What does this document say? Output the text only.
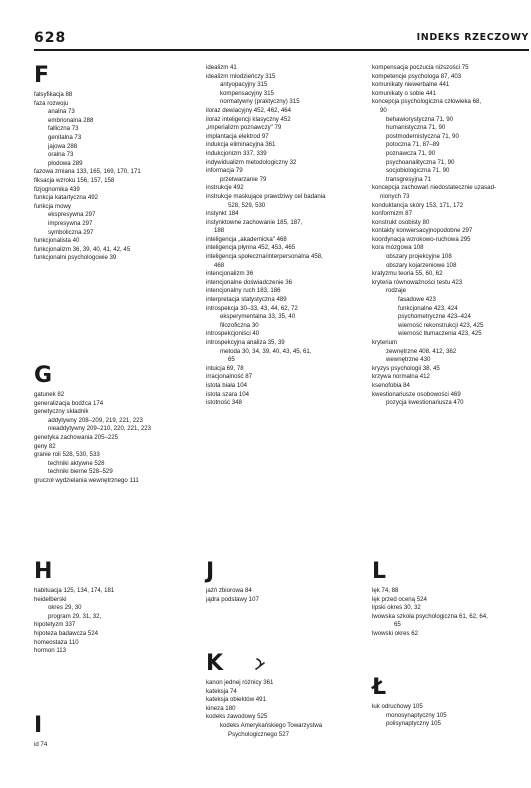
628	INDEKS RZECZOWY
F
falsyfikacja 88
faza rozwoju
analna 73
embrionalna 288
falliczna 73
genitalna 73
jajowa 288
oralna 73
płodowa 289
fazowa zmiana 133, 165, 169, 170, 171
fiksacja wzroku 156, 157, 158
fizjognomika 439
funkcja katartyczna 492
funkcja mowy
ekspresywna 297
impresywna 297
symboliczna 297
funkcjonalista 40
funkcjonalizm 36, 39, 40, 41, 42, 45
funkcjonalni psychologowie 39
G
gatunek 82
generalizacja bodźca 174
genetyczny składnik
addytywny 208–209, 219, 221, 223
nieaddytywny 209–210, 220, 221, 223
genetyka zachowania 205–225
geny 82
granie roli 528, 530, 533
techniki aktywne 528
techniki bierne 528–529
gruczoł wydzielania wewnętrznego 111
H
habituacja 125, 134, 174, 181
heidelberski
okres 29, 30
program 29, 31, 32,
hipotetyzm 337
hipoteza badawcza 524
homeostaza 110
hormon 113
I
id 74
idealizm 41
idealizm młodzieńczy 315
antyopacyjny 315
kompensacyjny 315
normatywny (praktyczny) 315
iloraz dewiacyjny 452, 462, 464
iloraz inteligencji klasyczny 452
„imperializm poznawczy" 79
implantacja elektrod 97
indukcja eliminacyjna 361
indukcjonizm 337, 339
indywidualizm metodologiczny 32
informacja 79
przetwarzanie 79
instrukcje 492
instrukcje maskujące prawdziwy cel badania
528, 529, 530
instynkt 184
instynktowne zachowanie 185, 187,
188
inteligencja „akademicka" 468
inteligencja płynna 452, 453, 465
inteligencja społeczna/interpersonalna 458,
468
intencjonalizm 36
intencjonalne doświadczenie 36
intencjonalny ruch 183, 186
interpretacja statystyczna 489
introspekcja 30–33, 43, 44, 62, 72
eksperymentalna 33, 35, 40
filozoficzna 30
introspekcjoniści 40
introspekcyjna analiza 35, 39
metoda 30, 34, 39, 40, 43, 45, 61,
65
intuicja 69, 78
irracjonalność 87
istota biała 104
istota szara 104
istotność 348
J
jaźń zbiorowa 84
jądra podstawy 107
K
kanon jednej różnicy 361
kateksja 74
kateksja obiektów 491
kineza 180
kodeks zawodowy 525
kodeks Amerykańskiego Towarzystwa
Psychologicznego 527
kompensacja poczucia niższości 75
kompetencje psychologa 87, 403
komunikaty niewerbalne 441
komunikaty o sobie 441
koncepcja psychologiczna człowieka 68,
90
behawiorystyczna 71, 90
humanistyczna 71, 90
postmodernistyczna 71, 90
potoczna 71, 87–89
poznawcza 71, 90
psychoanalityczna 71, 90
socjobiologiczna 71, 90
transgresyjna 71
koncepcja zachowań niedostatecznie uzasad-
nionych 73
konduktancja skóry 153, 171, 172
konformizm 87
konstrukt osobisty 80
kontakty konwersacyjnopodobne 297
koordynacja wzrokowo-ruchowa 295
kora mózgowa 108
obszary projekcyjne 108
obszary kojarzeniowe 108
kratyzmu teoria 55, 60, 62
kryteria równoważności testu 423
rodzaje
fasadowe 423
funkcjonalne 423, 424
psychometryczne 423–424
wierność rekonstrukcji 423, 425
wierność tłumaczenia 423, 425
kryterium
zewnętrzne 408, 412, 362
wewnętrzne 430
kryzys psychologii 38, 45
krzywa normalna 412
ksenofobia 84
kwestionariusze osobowości 469
pozycja kwestionariusza 470
L
lęk 74, 88
lęk przed oceną 524
lipski okres 30, 32
lwowska szkoła psychologiczna 61, 62, 64,
65
lwowski okres 62
Ł
łuk odruchowy 105
monosynaptyczny 105
polisynaptyczny 105
